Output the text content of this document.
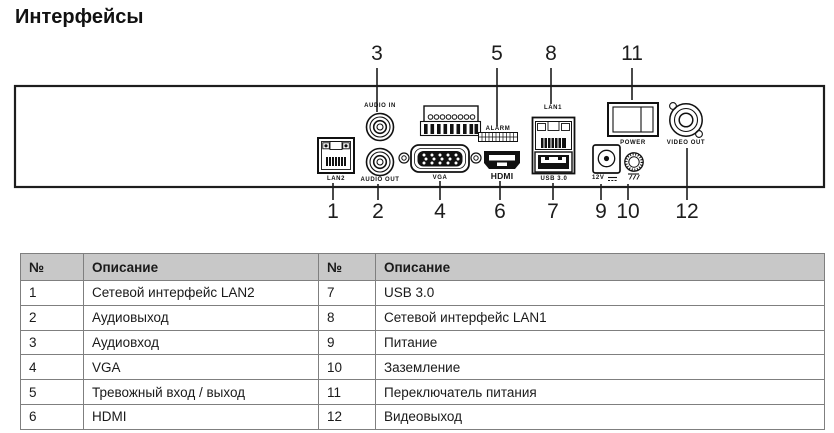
Интерфейсы
LAN2
AUDIO IN
AUDIO OUT	VGA
ALARM
HDMI
LAN1
USB 3.0	12V
POWER	VIDEO OUT
3	5 8	11
1 2 4 6 7 9 10 12
№	Описание	№	Описание
1	Сетевой интерфейс LAN2	7	USB 3.0
2	Аудиовыход	8	Сетевой интерфейс LAN1
3	Аудиовход	9	Питание
4	VGA	10	Заземление
5	Тревожный вход / выход	11	Переключатель питания
6	HDMI	12	Видеовыход
